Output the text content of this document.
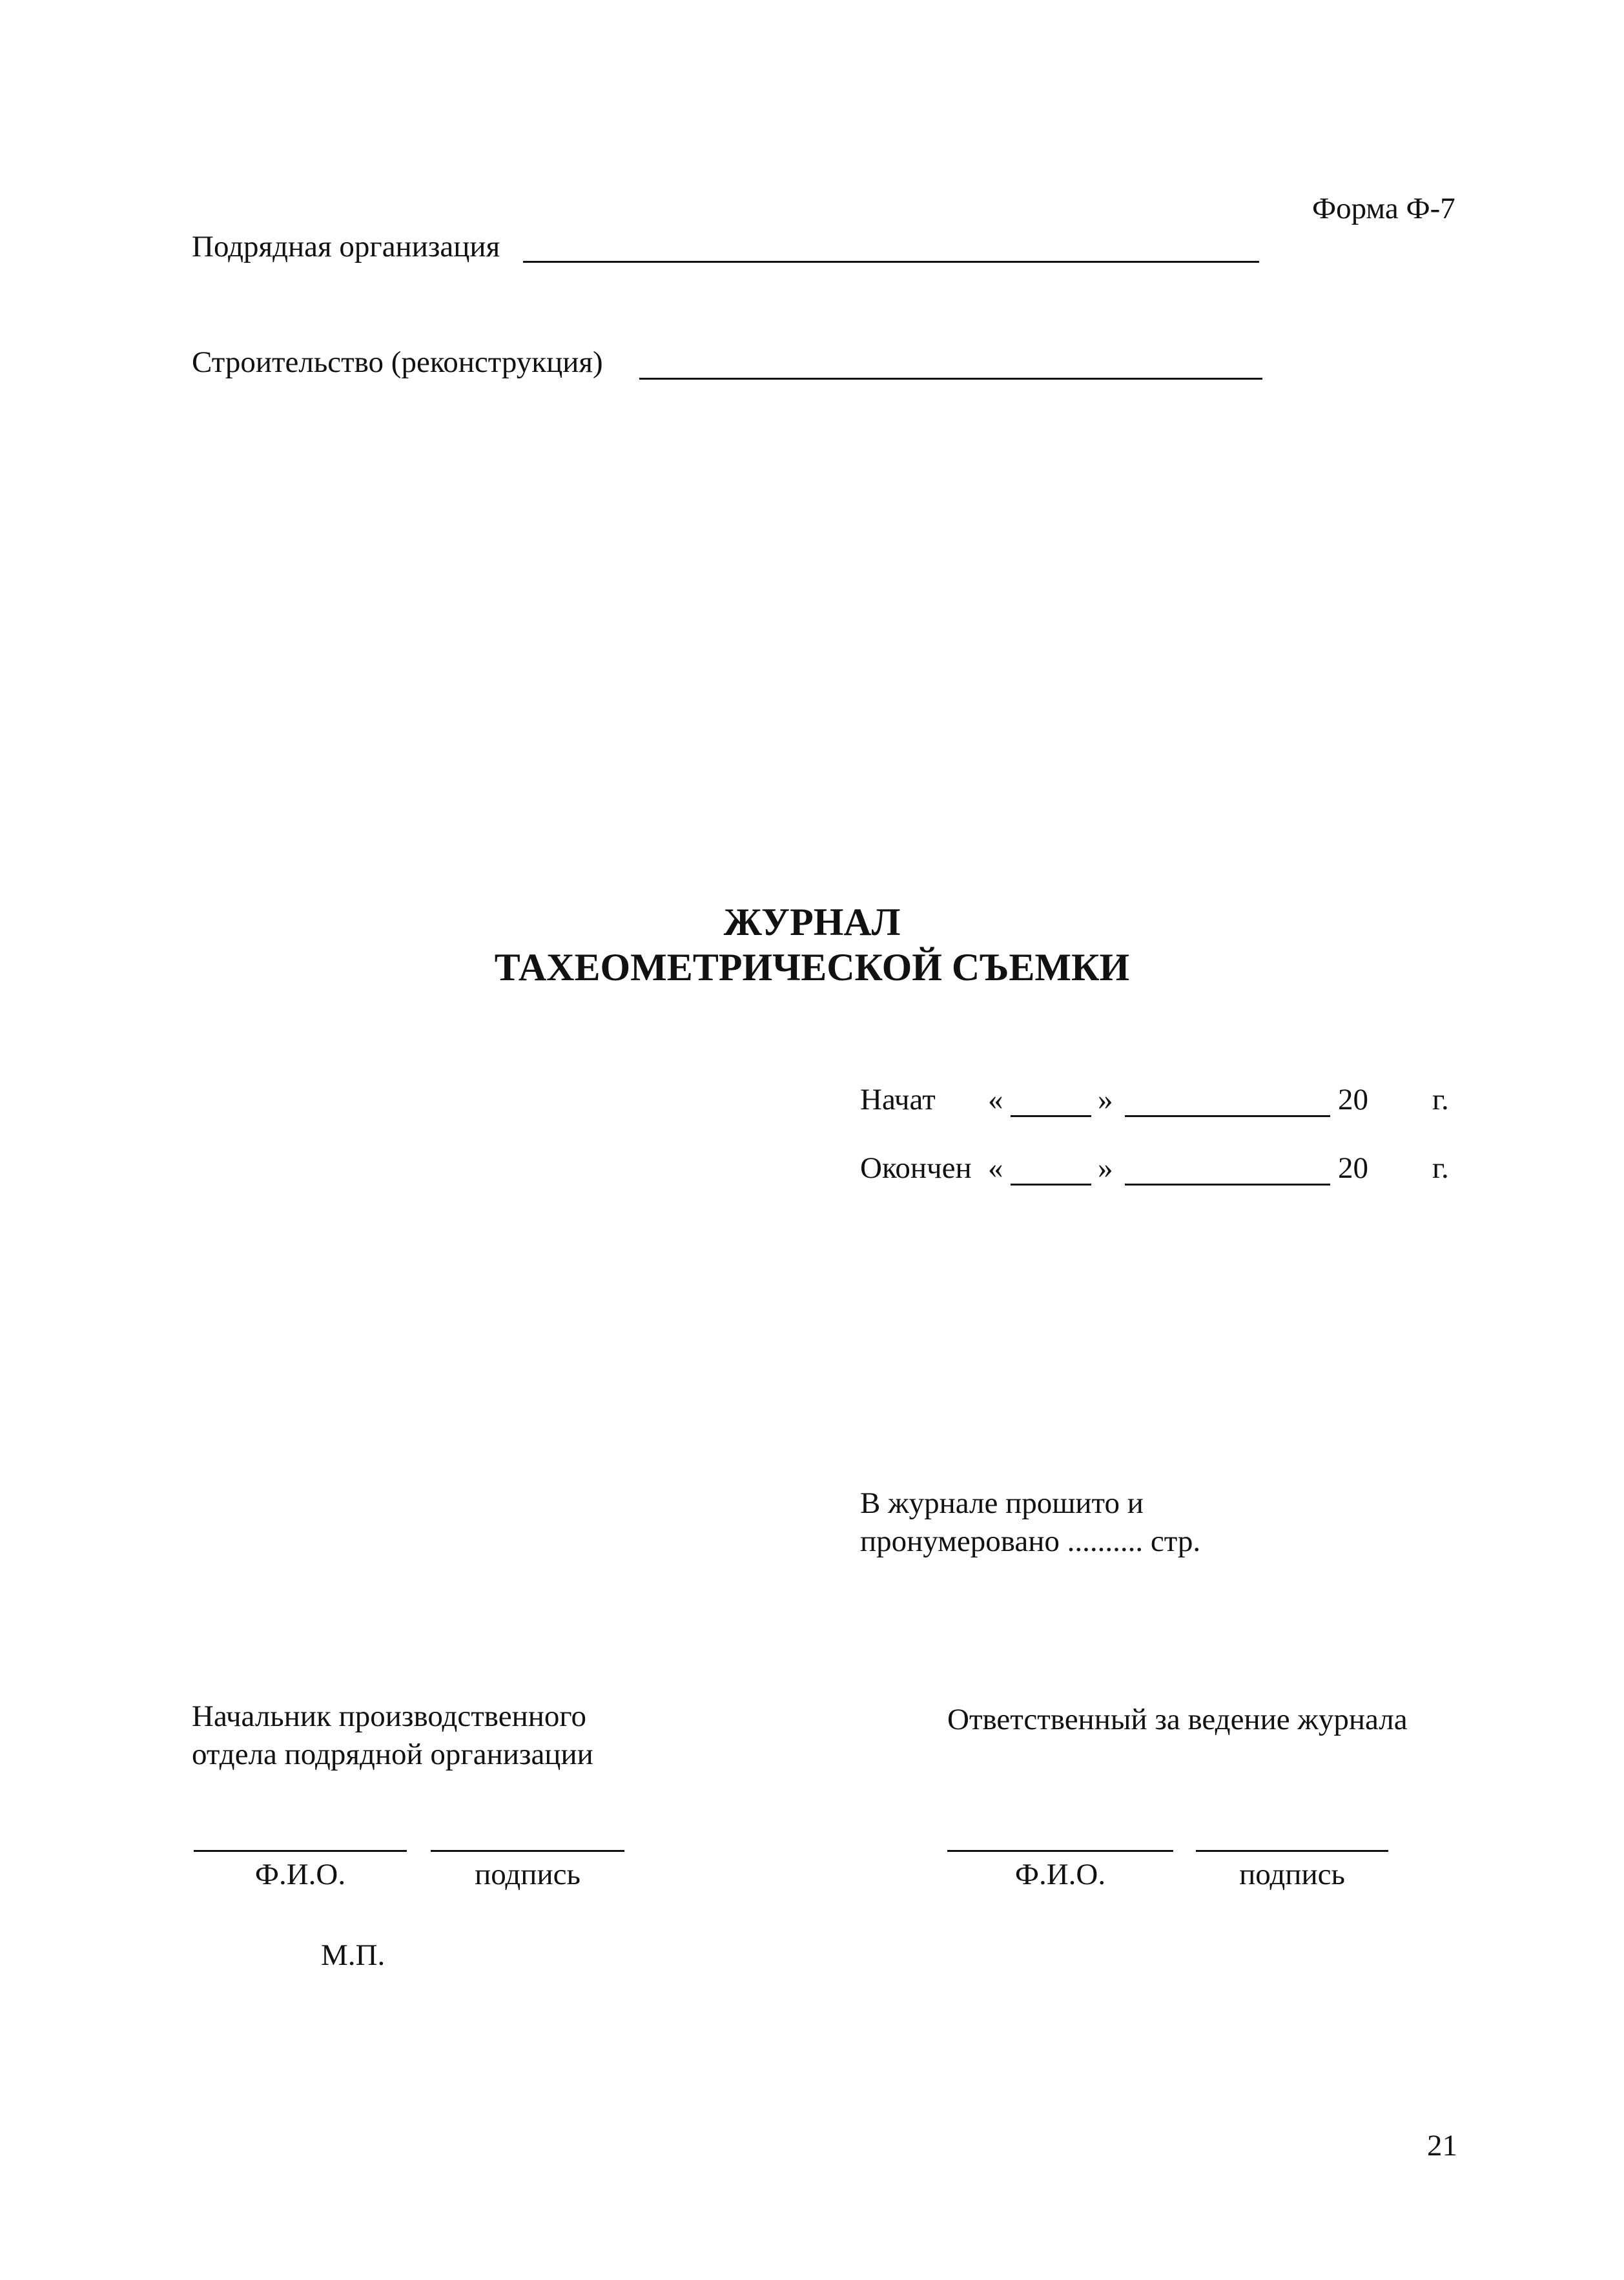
Форма Ф-7
Подрядная организация
Строительство (реконструкция)
ЖУРНАЛ
ТАХЕОМЕТРИЧЕСКОЙ СЪЕМКИ
Начат «	»	20 г.
Окончен «	»	20 г.
В журнале прошито и
пронумеровано .......... стр.
Начальник производственного
отдела подрядной организации
Ф.И.О.	подпись
М.П.
Ответственный за ведение журнала
Ф.И.О.	подпись
21
